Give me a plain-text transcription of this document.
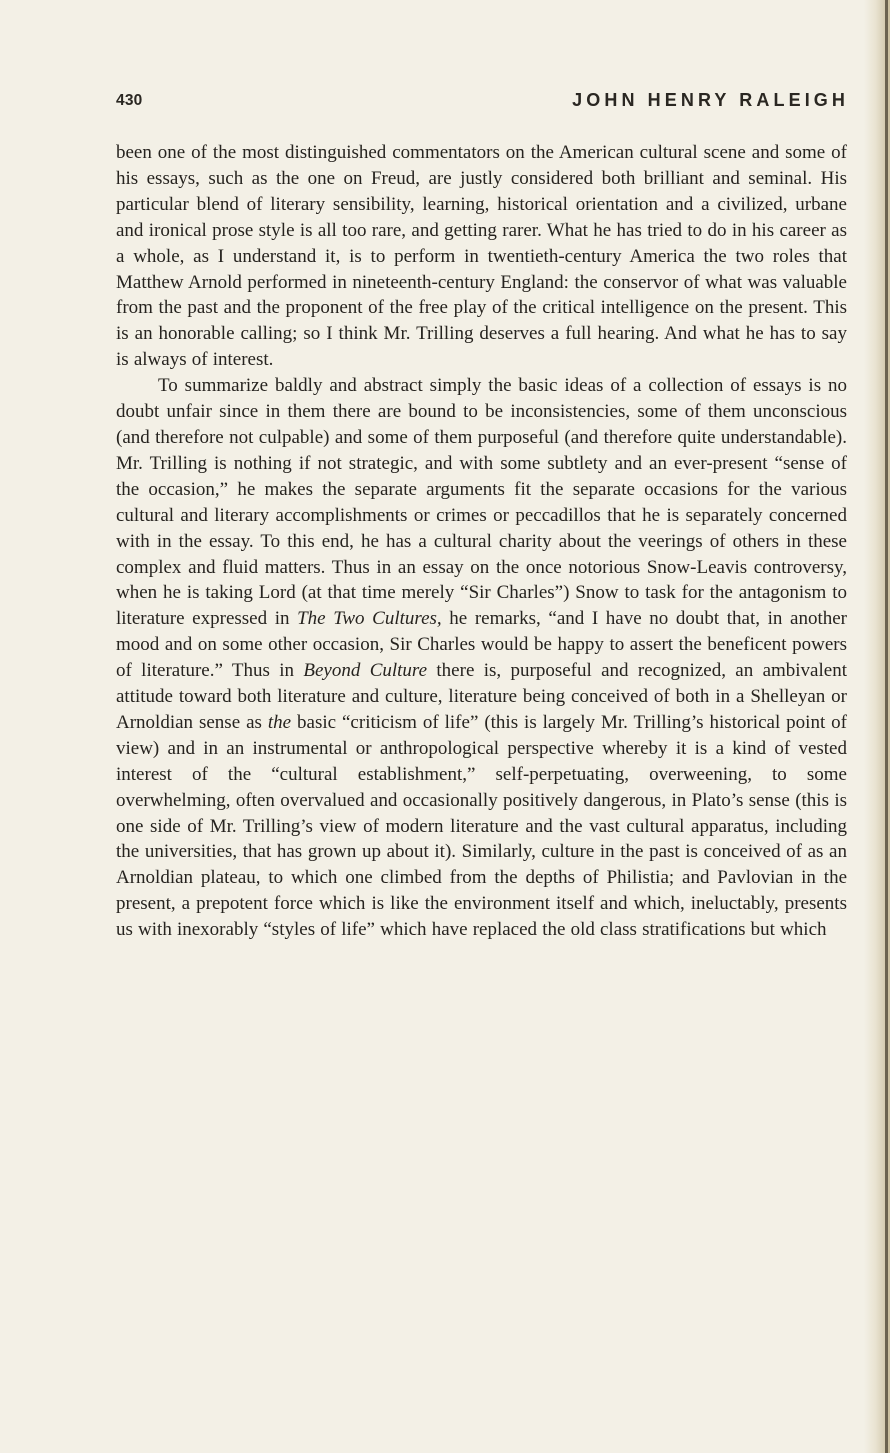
430	JOHN HENRY RALEIGH

been one of the most distinguished commentators on the American cultural scene and some of his essays, such as the one on Freud, are justly considered both brilliant and seminal. His particular blend of literary sensibility, learning, historical orientation and a civilized, urbane and ironical prose style is all too rare, and getting rarer. What he has tried to do in his career as a whole, as I understand it, is to perform in twentieth-century America the two roles that Matthew Arnold performed in nineteenth-century England: the conservor of what was valuable from the past and the proponent of the free play of the critical intelligence on the present. This is an honorable calling; so I think Mr. Trilling deserves a full hearing. And what he has to say is always of interest.

To summarize baldly and abstract simply the basic ideas of a collection of essays is no doubt unfair since in them there are bound to be inconsistencies, some of them unconscious (and therefore not culpable) and some of them purposeful (and therefore quite understandable). Mr. Trilling is nothing if not strategic, and with some subtlety and an ever-present “sense of the occasion,” he makes the separate arguments fit the separate occasions for the various cultural and literary accomplishments or crimes or peccadillos that he is separately concerned with in the essay. To this end, he has a cultural charity about the veerings of others in these complex and fluid matters. Thus in an essay on the once notorious Snow-Leavis controversy, when he is taking Lord (at that time merely “Sir Charles”) Snow to task for the antagonism to literature expressed in The Two Cultures, he remarks, “and I have no doubt that, in another mood and on some other occasion, Sir Charles would be happy to assert the beneficent powers of literature.” Thus in Beyond Culture there is, purposeful and recognized, an ambivalent attitude toward both literature and culture, literature being conceived of both in a Shelleyan or Arnoldian sense as the basic “criticism of life” (this is largely Mr. Trilling’s historical point of view) and in an instrumental or anthropological perspective whereby it is a kind of vested interest of the “cultural establishment,” self-perpetuating, overweening, to some overwhelming, often overvalued and occasionally positively dangerous, in Plato’s sense (this is one side of Mr. Trilling’s view of modern literature and the vast cultural apparatus, including the universities, that has grown up about it). Similarly, culture in the past is conceived of as an Arnoldian plateau, to which one climbed from the depths of Philistia; and Pavlovian in the present, a prepotent force which is like the environment itself and which, ineluctably, presents us with inexorably “styles of life” which have replaced the old class stratifications but which
